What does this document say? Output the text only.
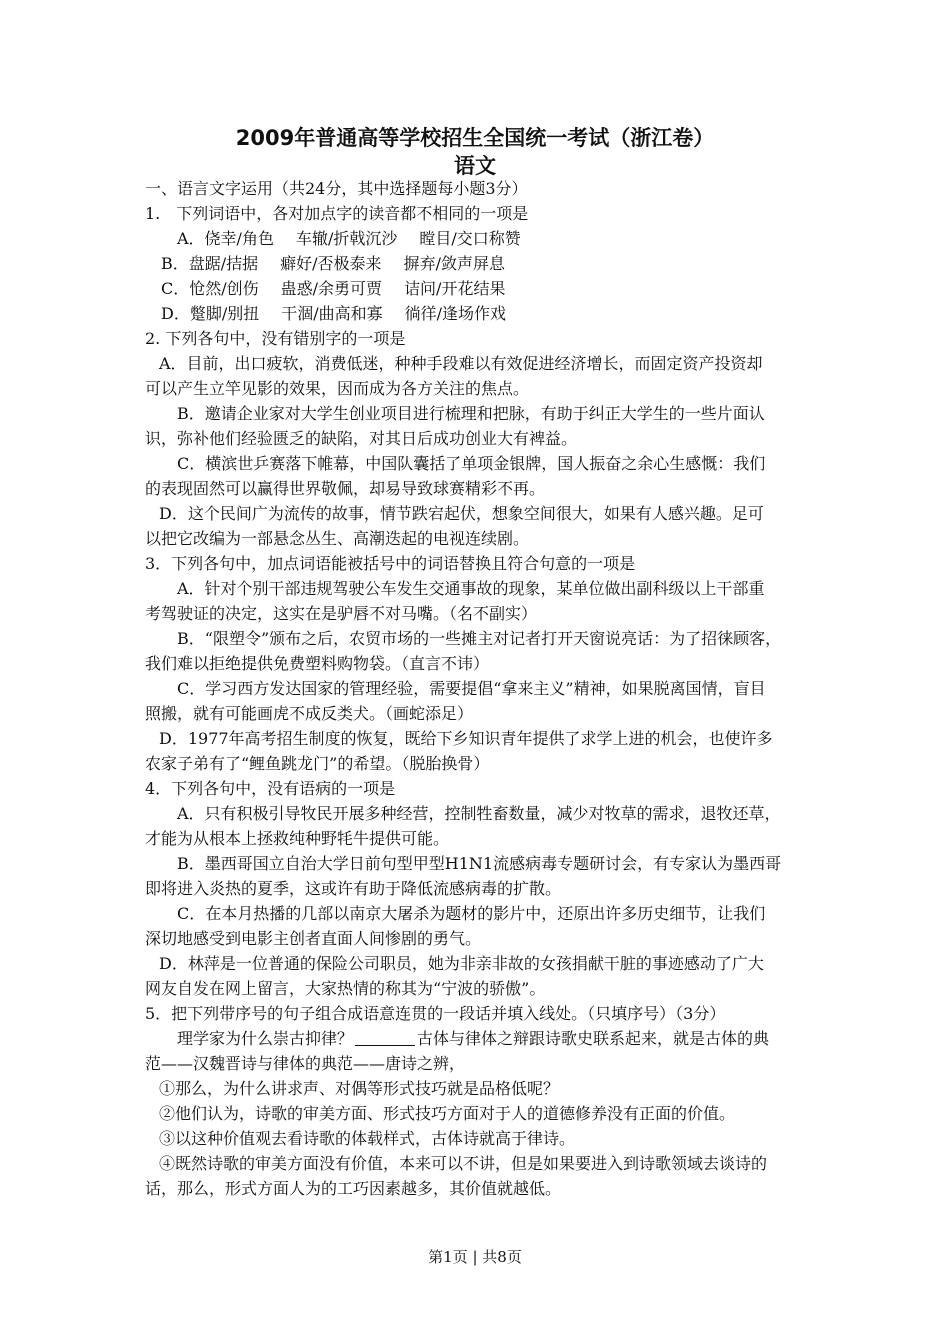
2009年普通高等学校招生全国统一考试（浙江卷）
语文
一、语言文字运用（共24分，其中选择题每小题3分）
1.　下列词语中，各对加点字的读音都不相同的一项是
A．侥幸/角色 车辙/折戟沉沙 瞠目/交口称赞
B．盘踞/拮据 癖好/否极泰来 摒弃/敛声屏息
C．怆然/创伤 蛊惑/余勇可贾 诘问/开花结果
D．蹩脚/别扭 干涸/曲高和寡 徜徉/逢场作戏
2. 下列各句中，没有错别字的一项是
A．目前，出口疲软，消费低迷，种种手段难以有效促进经济增长，而固定资产投资却
可以产生立竿见影的效果，因而成为各方关注的焦点。
B．邀请企业家对大学生创业项目进行梳理和把脉，有助于纠正大学生的一些片面认
识，弥补他们经验匮乏的缺陷，对其日后成功创业大有裨益。
C．横滨世乒赛落下帷幕，中国队囊括了单项金银牌，国人振奋之余心生感慨：我们
的表现固然可以赢得世界敬佩，却易导致球赛精彩不再。
D．这个民间广为流传的故事，情节跌宕起伏，想象空间很大，如果有人感兴趣。足可
以把它改编为一部悬念丛生、高潮迭起的电视连续剧。
3．下列各句中，加点词语能被括号中的词语替换且符合句意的一项是
A．针对个别干部违规驾驶公车发生交通事故的现象，某单位做出副科级以上干部重
考驾驶证的决定，这实在是驴唇不对马嘴。（名不副实）
B．“限塑令”颁布之后，农贸市场的一些摊主对记者打开天窗说亮话：为了招徕顾客，
我们难以拒绝提供免费塑料购物袋。（直言不讳）
C．学习西方发达国家的管理经验，需要提倡“拿来主义”精神，如果脱离国情，盲目
照搬，就有可能画虎不成反类犬。（画蛇添足）
D．1977年高考招生制度的恢复，既给下乡知识青年提供了求学上进的机会，也使许多
农家子弟有了“鲤鱼跳龙门”的希望。（脱胎换骨）
4．下列各句中，没有语病的一项是
A．只有积极引导牧民开展多种经营，控制牲畜数量，减少对牧草的需求，退牧还草，
才能为从根本上拯救纯种野牦牛提供可能。
B．墨西哥国立自治大学日前句型甲型H1N1流感病毒专题研讨会，有专家认为墨西哥
即将进入炎热的夏季，这或许有助于降低流感病毒的扩散。
C．在本月热播的几部以南京大屠杀为题材的影片中，还原出许多历史细节，让我们
深切地感受到电影主创者直面人间惨剧的勇气。
D．林萍是一位普通的保险公司职员，她为非亲非故的女孩捐献干脏的事迹感动了广大
网友自发在网上留言，大家热情的称其为“宁波的骄傲”。
5．把下列带序号的句子组合成语意连贯的一段话并填入线处。（只填序号）（3分）
理学家为什么崇古抑律？	古体与律体之辩跟诗歌史联系起来，就是古体的典
范——汉魏晋诗与律体的典范——唐诗之辨，
①那么，为什么讲求声、对偶等形式技巧就是品格低呢？
②他们认为，诗歌的审美方面、形式技巧方面对于人的道德修养没有正面的价值。
③以这种价值观去看诗歌的体载样式，古体诗就高于律诗。
④既然诗歌的审美方面没有价值，本来可以不讲，但是如果要进入到诗歌领域去谈诗的
话，那么，形式方面人为的工巧因素越多，其价值就越低。
第1页 | 共8页
